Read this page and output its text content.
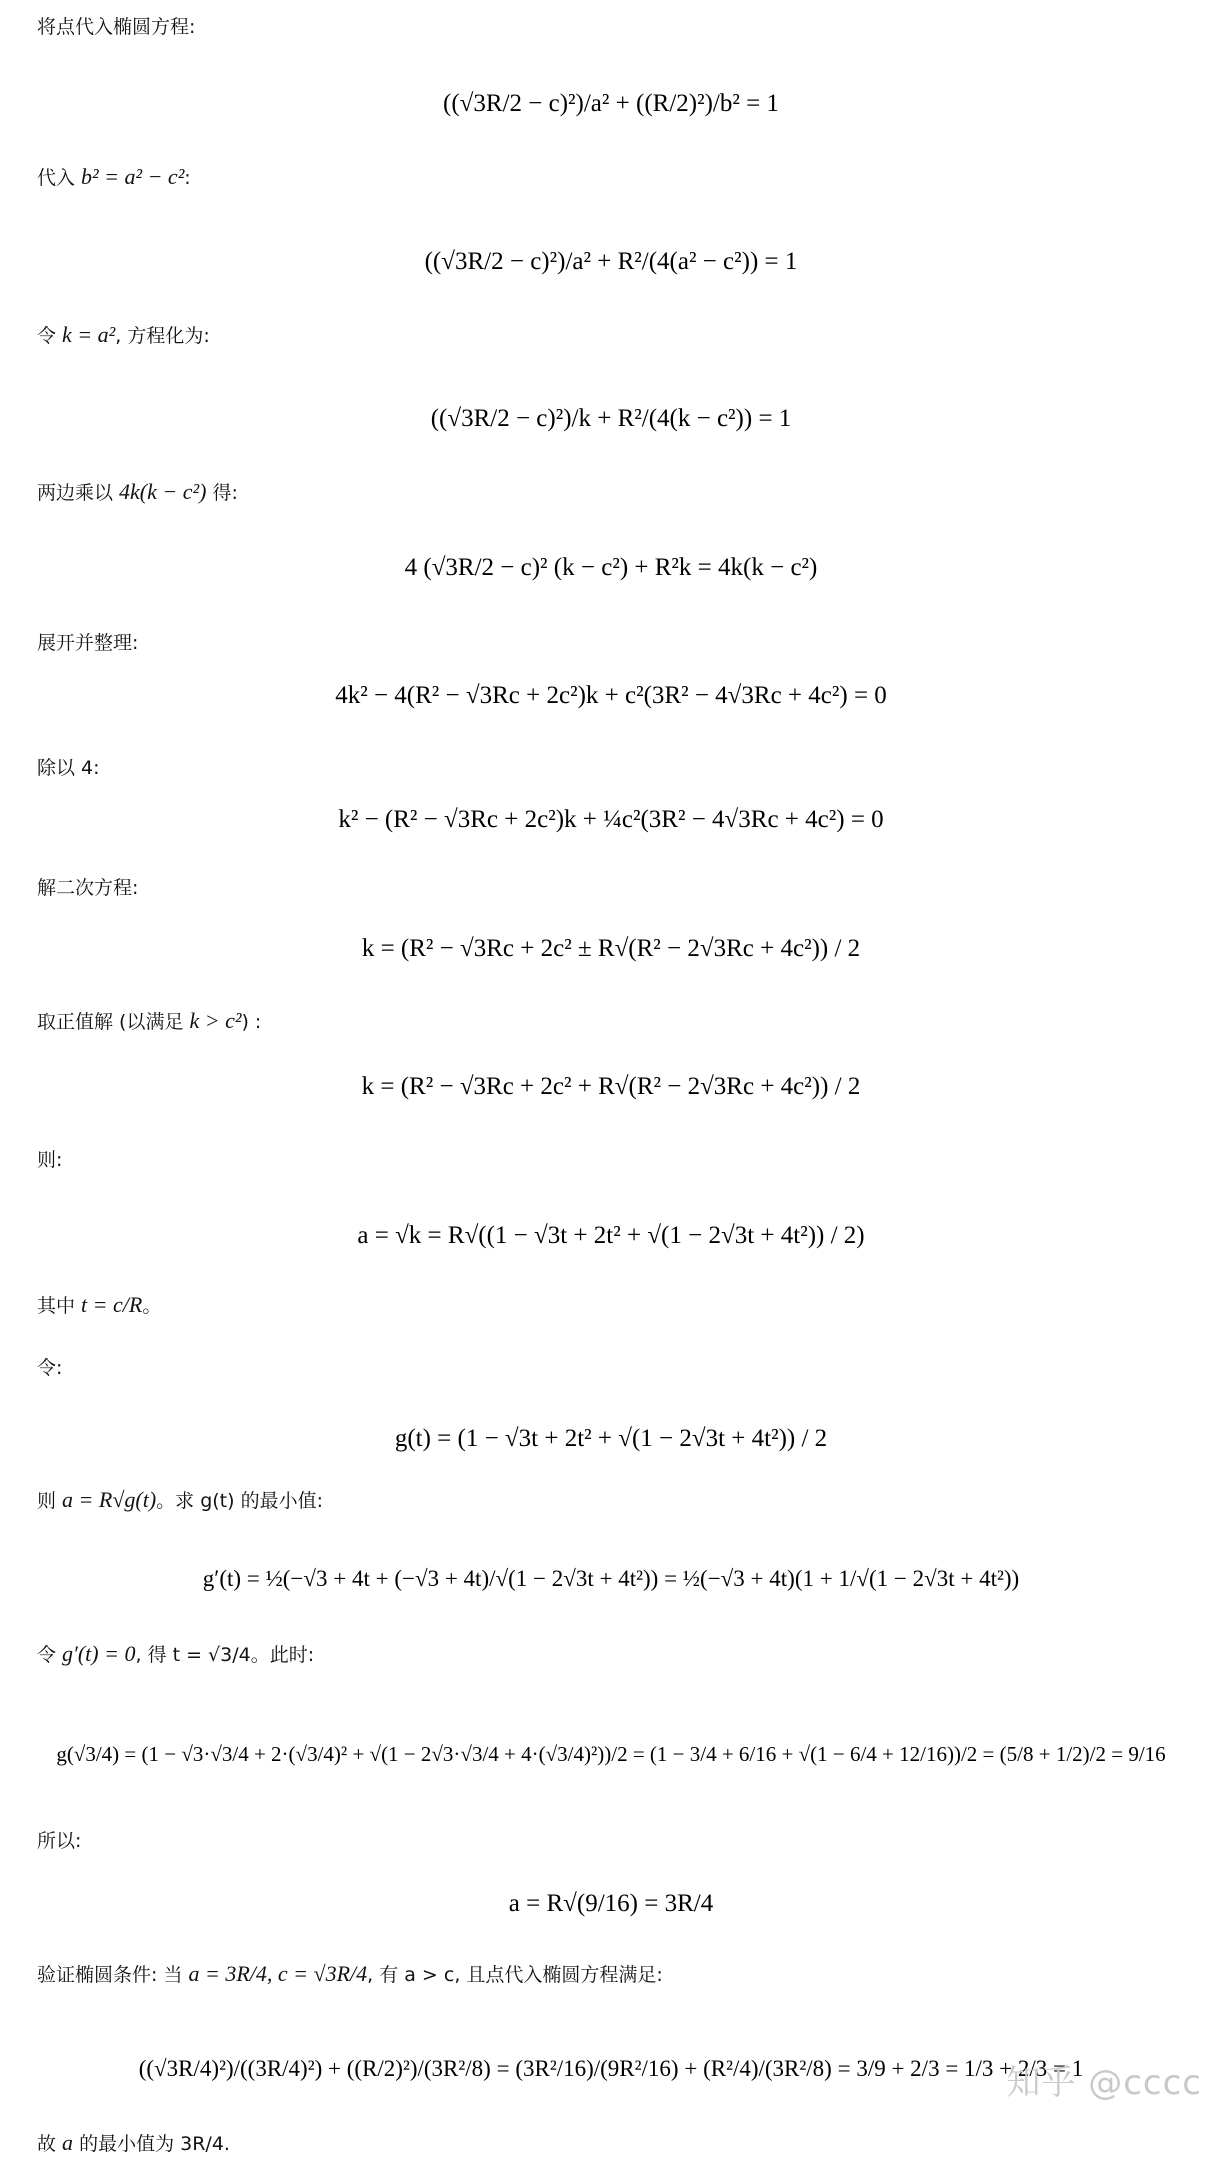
将点代入椭圆方程:
代入 b² = a² − c²:
令 k = a², 方程化为:
两边乘以 4k(k − c²) 得:
展开并整理:
除以 4:
解二次方程:
取正值解 (以满足 k > c²) :
则:
其中 t = c/R。
令:
则 a = R√g(t)。求 g(t) 的最小值:
令 g′(t) = 0, 得 t = √3/4。此时:
所以:
验证椭圆条件: 当 a = 3R/4, c = √3R/4, 有 a > c, 且点代入椭圆方程满足:
故 a 的最小值为 3R/4.
((√3R/2 − c)²)/a² + ((R/2)²)/b² = 1
((√3R/2 − c)²)/a² + R²/(4(a² − c²)) = 1
((√3R/2 − c)²)/k + R²/(4(k − c²)) = 1
4 (√3R/2 − c)² (k − c²) + R²k = 4k(k − c²)
4k² − 4(R² − √3Rc + 2c²)k + c²(3R² − 4√3Rc + 4c²) = 0
k² − (R² − √3Rc + 2c²)k + ¼c²(3R² − 4√3Rc + 4c²) = 0
k = (R² − √3Rc + 2c² ± R√(R² − 2√3Rc + 4c²)) / 2
k = (R² − √3Rc + 2c² + R√(R² − 2√3Rc + 4c²)) / 2
a = √k = R√((1 − √3t + 2t² + √(1 − 2√3t + 4t²)) / 2)
g(t) = (1 − √3t + 2t² + √(1 − 2√3t + 4t²)) / 2
g′(t) = ½(−√3 + 4t + (−√3 + 4t)/√(1 − 2√3t + 4t²)) = ½(−√3 + 4t)(1 + 1/√(1 − 2√3t + 4t²))
g(√3/4) = (1 − √3·√3/4 + 2·(√3/4)² + √(1 − 2√3·√3/4 + 4·(√3/4)²))/2 = (1 − 3/4 + 6/16 + √(1 − 6/4 + 12/16))/2 = (5/8 + 1/2)/2 = 9/16
a = R√(9/16) = 3R/4
((√3R/4)²)/((3R/4)²) + ((R/2)²)/(3R²/8) = (3R²/16)/(9R²/16) + (R²/4)/(3R²/8) = 3/9 + 2/3 = 1/3 + 2/3 = 1
知乎 @cccc
